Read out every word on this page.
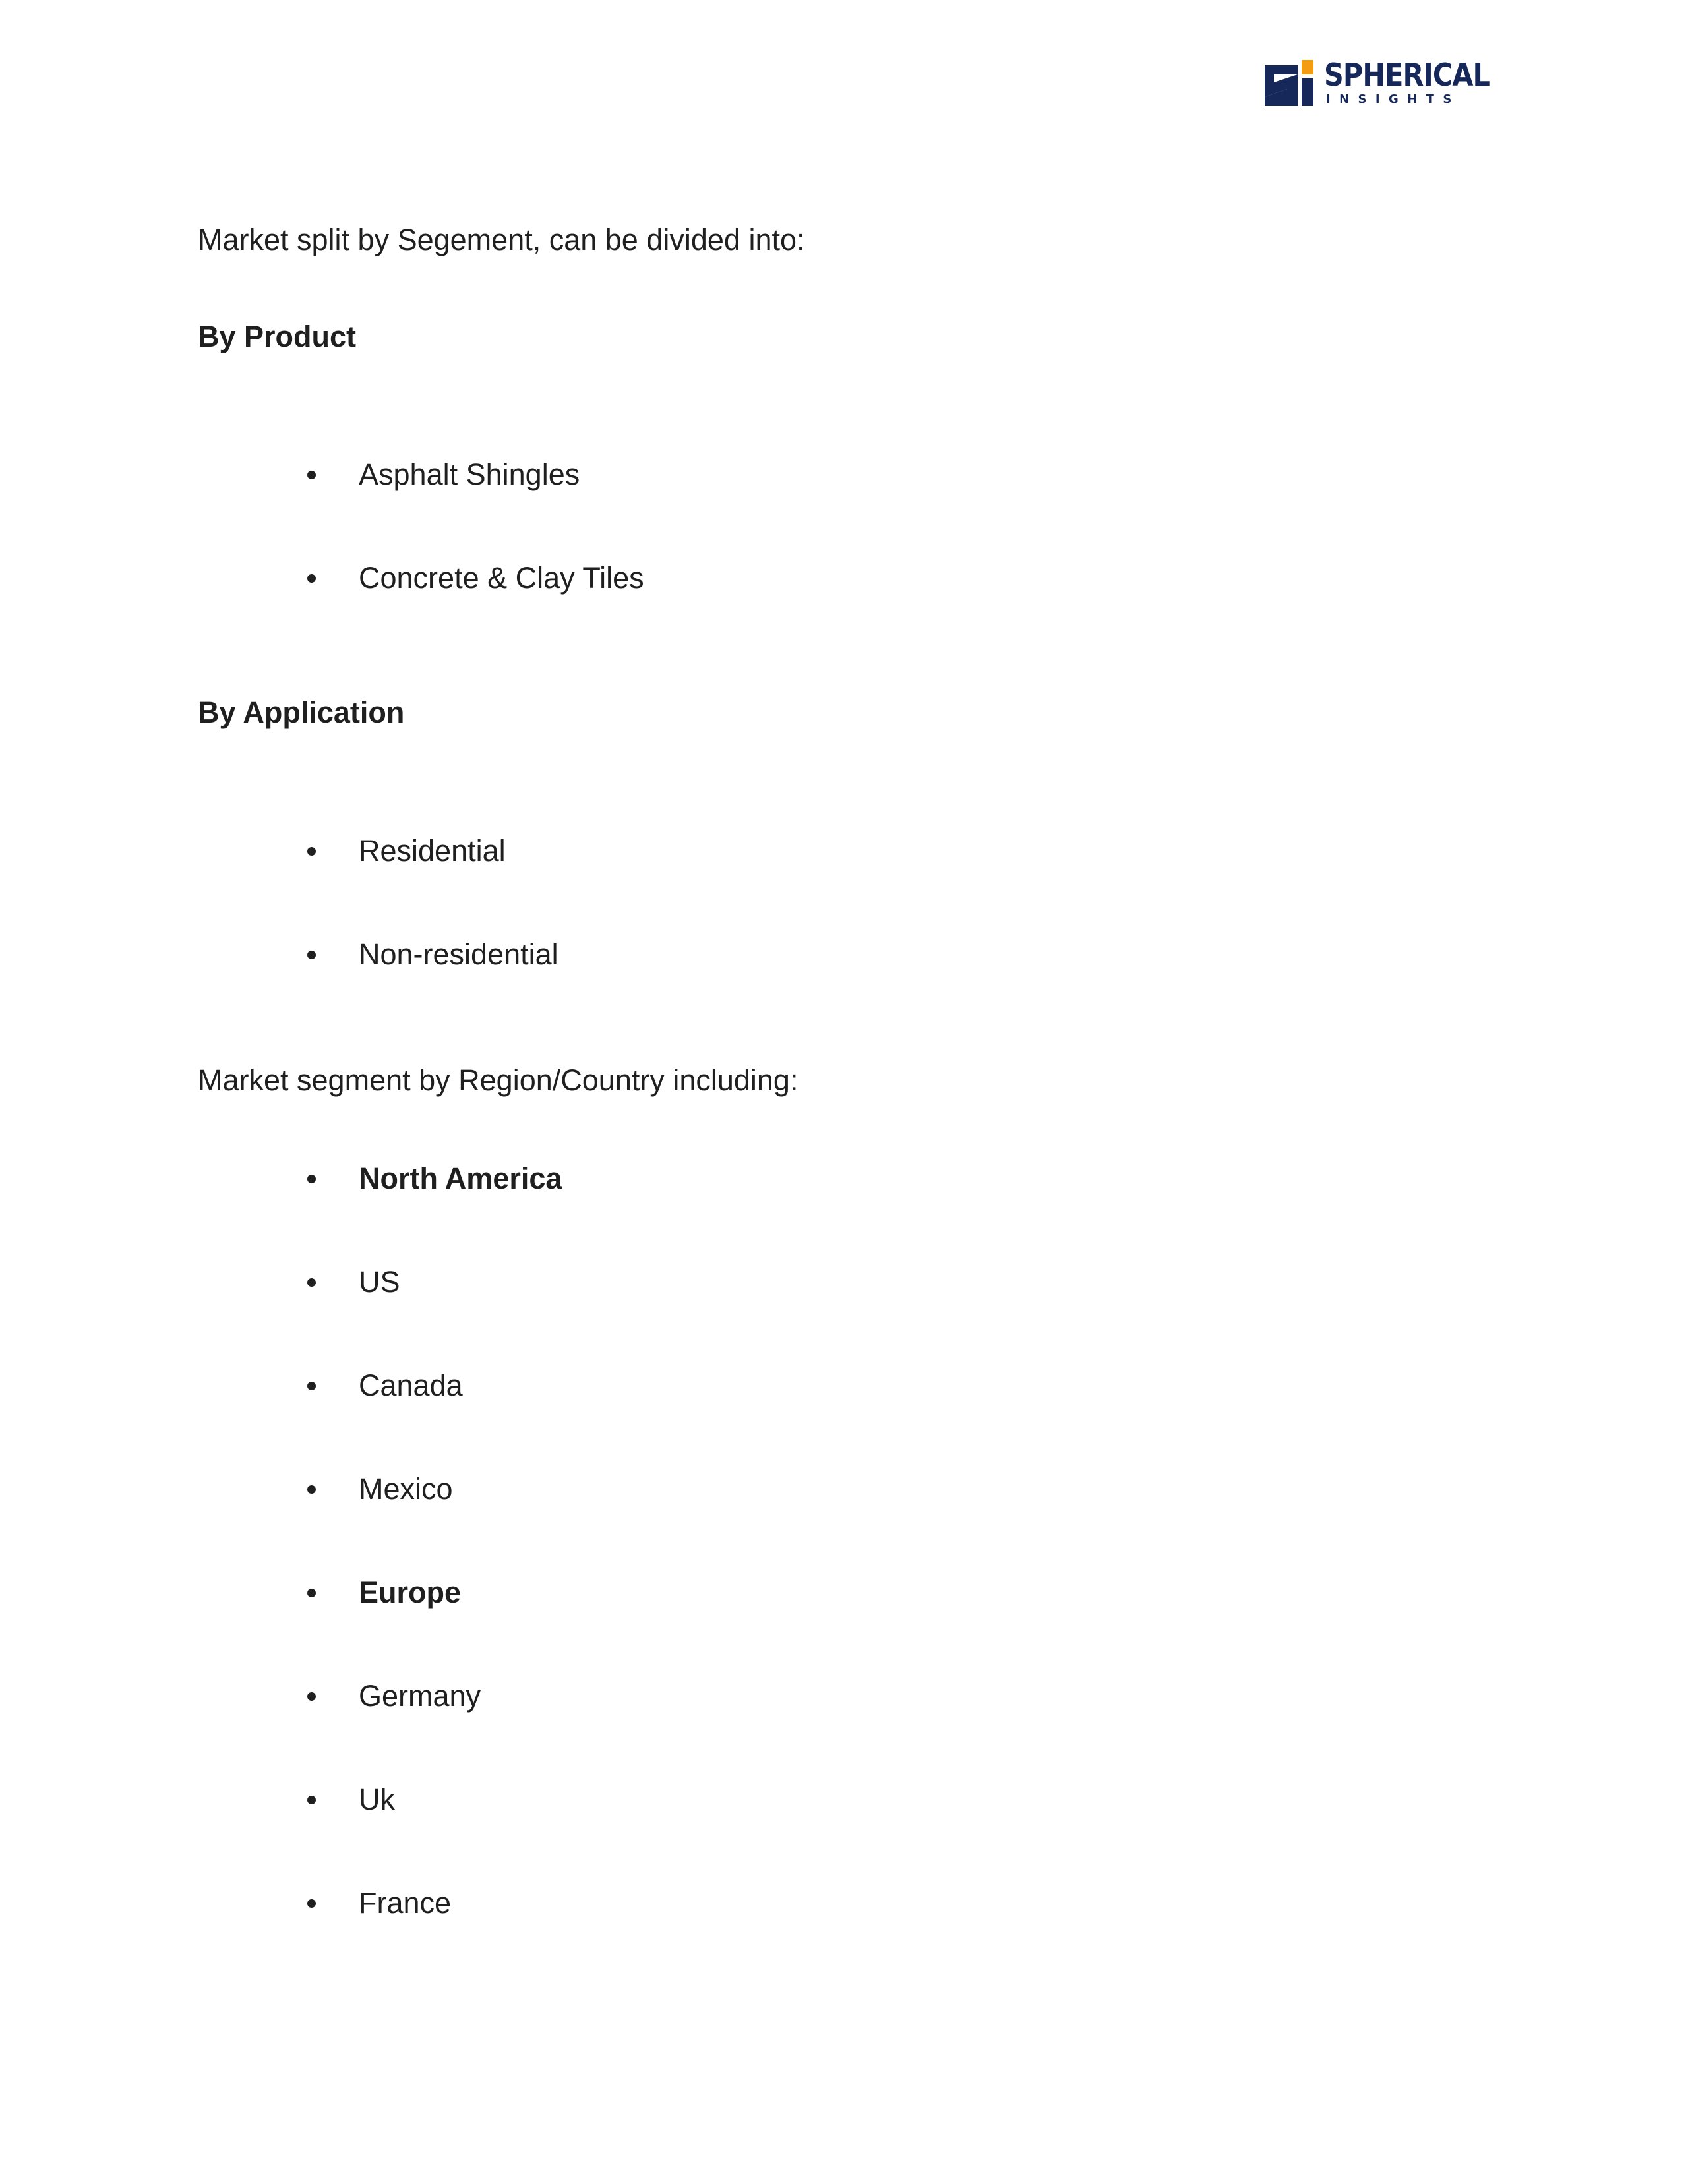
SPHERICAL
INSIGHTS
Market split by Segement, can be divided into:
By Product
Asphalt Shingles
Concrete & Clay Tiles
By Application
Residential
Non-residential
Market segment by Region/Country including:
North America
US
Canada
Mexico
Europe
Germany
Uk
France
